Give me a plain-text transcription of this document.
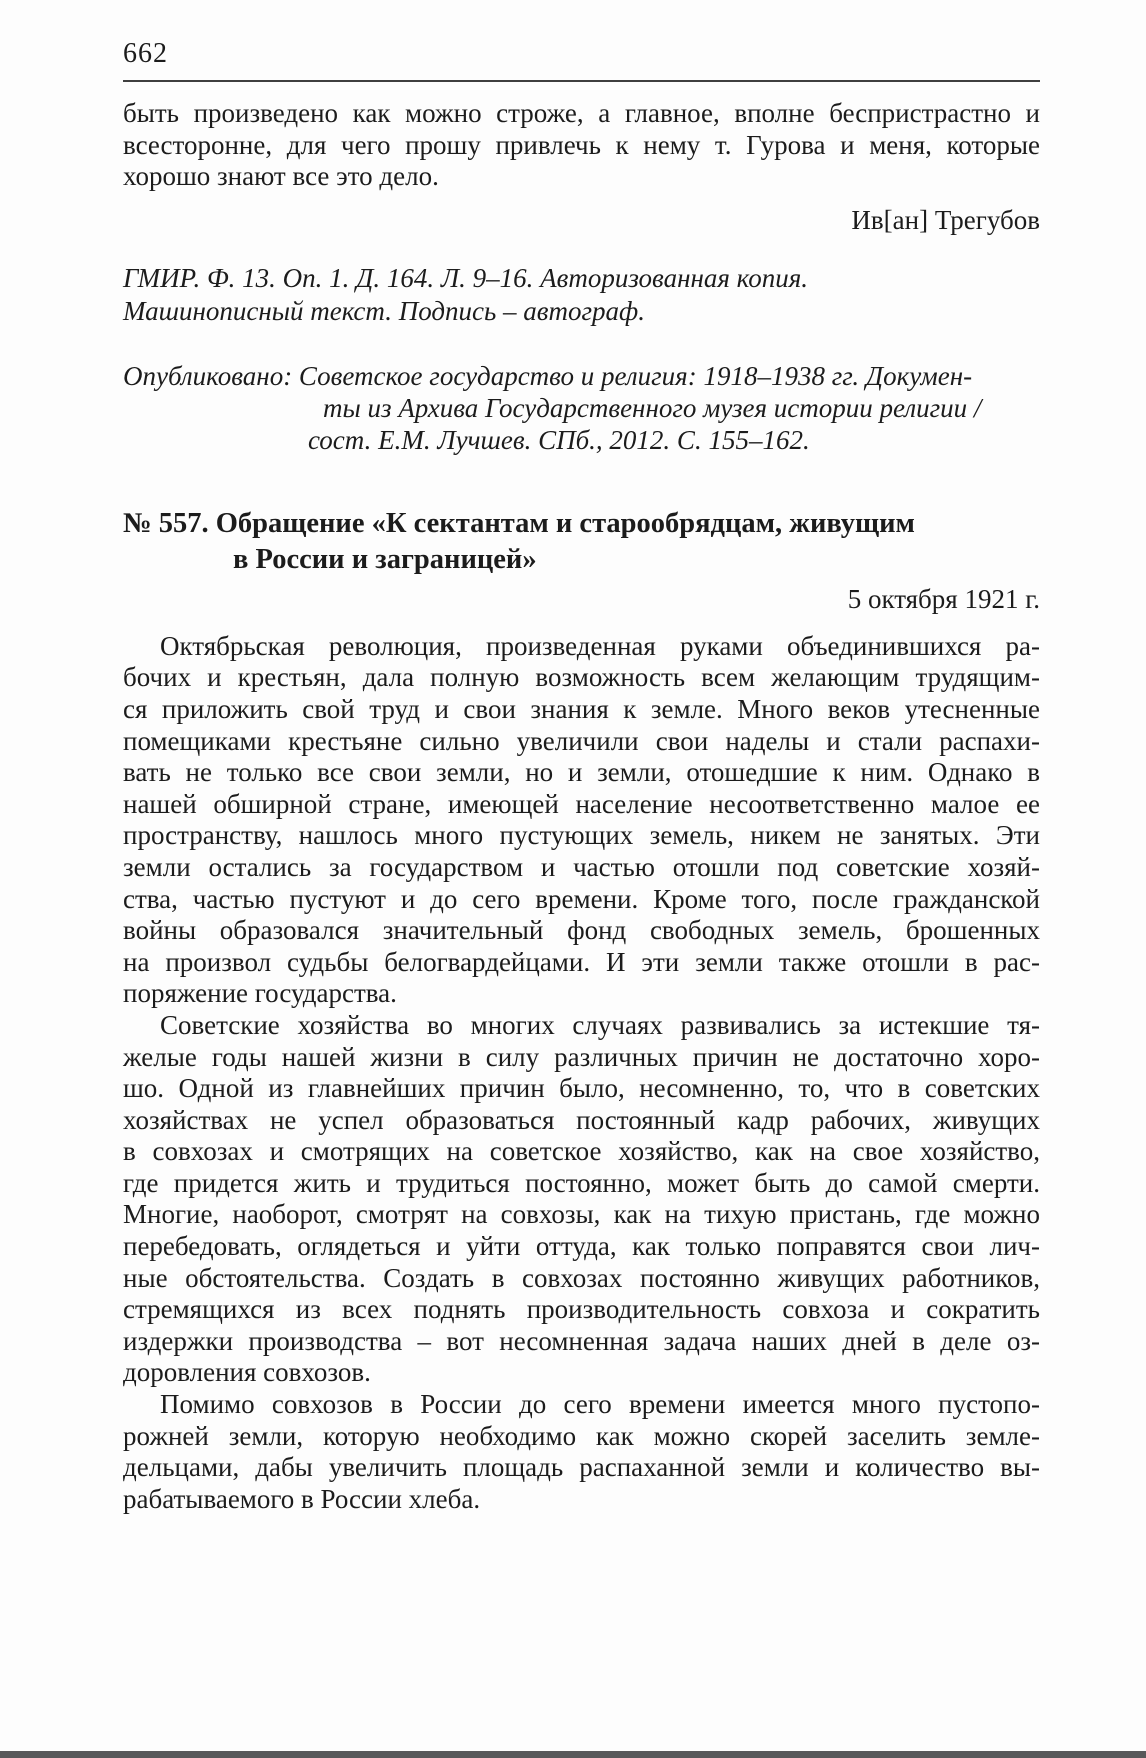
662
быть произведено как можно строже, а главное, вполне беспристрастно и
всесторонне, для чего прошу привлечь к нему т. Гурова и меня, которые
хорошо знают все это дело.
Ив[ан] Трегубов
ГМИР. Ф. 13. Оп. 1. Д. 164. Л. 9–16. Авторизованная копия.
Машинописный текст. Подпись – автограф.
Опубликовано: Советское государство и религия: 1918–1938 гг. Докумен-
ты из Архива Государственного музея истории религии /
сост. Е.М. Лучшев. СПб., 2012. С. 155–162.
№ 557. Обращение «К сектантам и старообрядцам, живущим
в России и заграницей»
5 октября 1921 г.
Октябрьская революция, произведенная руками объединившихся ра-
бочих и крестьян, дала полную возможность всем желающим трудящим-
ся приложить свой труд и свои знания к земле. Много веков утесненные
помещиками крестьяне сильно увеличили свои наделы и стали распахи-
вать не только все свои земли, но и земли, отошедшие к ним. Однако в
нашей обширной стране, имеющей население несоответственно малое ее
пространству, нашлось много пустующих земель, никем не занятых. Эти
земли остались за государством и частью отошли под советские хозяй-
ства, частью пустуют и до сего времени. Кроме того, после гражданской
войны образовался значительный фонд свободных земель, брошенных
на произвол судьбы белогвардейцами. И эти земли также отошли в рас-
поряжение государства.
Советские хозяйства во многих случаях развивались за истекшие тя-
желые годы нашей жизни в силу различных причин не достаточно хоро-
шо. Одной из главнейших причин было, несомненно, то, что в советских
хозяйствах не успел образоваться постоянный кадр рабочих, живущих
в совхозах и смотрящих на советское хозяйство, как на свое хозяйство,
где придется жить и трудиться постоянно, может быть до самой смерти.
Многие, наоборот, смотрят на совхозы, как на тихую пристань, где можно
перебедовать, оглядеться и уйти оттуда, как только поправятся свои лич-
ные обстоятельства. Создать в совхозах постоянно живущих работников,
стремящихся из всех поднять производительность совхоза и сократить
издержки производства – вот несомненная задача наших дней в деле оз-
доровления совхозов.
Помимо совхозов в России до сего времени имеется много пустопо-
рожней земли, которую необходимо как можно скорей заселить земле-
дельцами, дабы увеличить площадь распаханной земли и количество вы-
рабатываемого в России хлеба.
